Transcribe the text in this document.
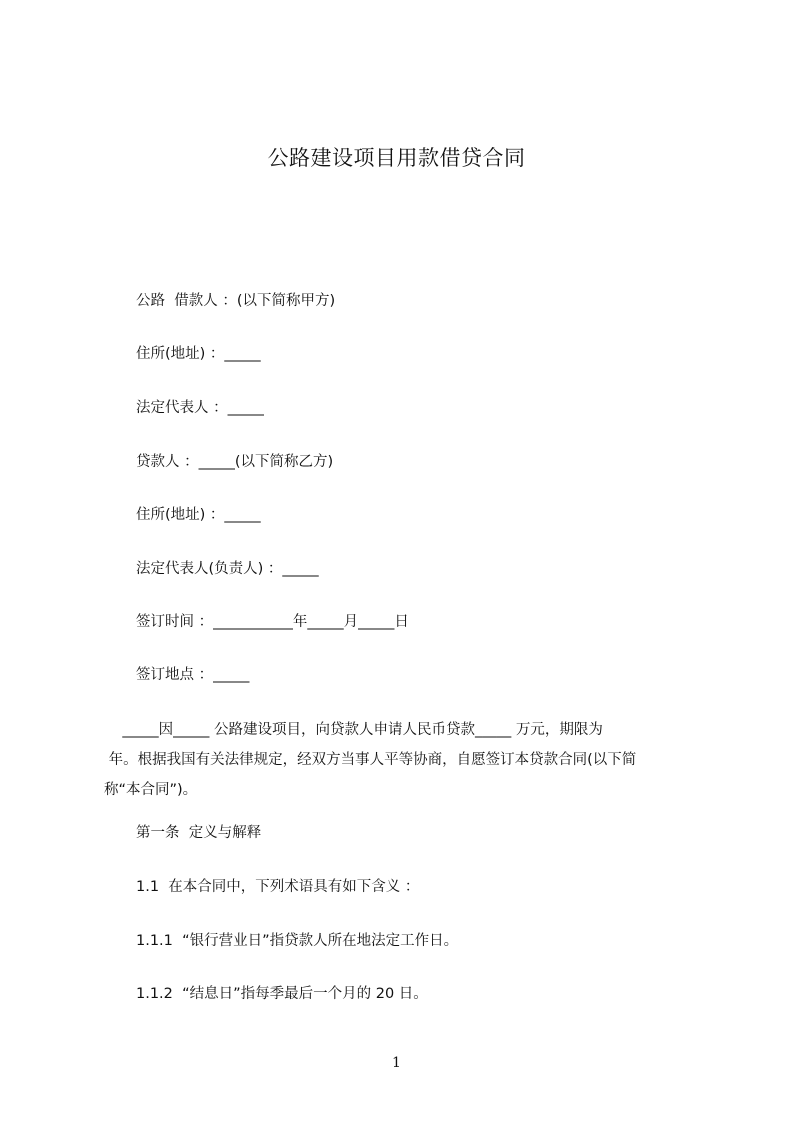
公路建设项目用款借贷合同

公路  借款人 ：(以下简称甲方)

住所(地址) ：_____

法定代表人 ：_____

贷款人 ：_____(以下简称乙方)

住所(地址) ：_____

法定代表人(负责人) ：_____

签订时间 ：___________年_____月_____日

签订地点 ：_____

_____因_____ 公路建设项目，向贷款人申请人民币贷款_____ 万元，期限为
年。根据我国有关法律规定，经双方当事人平等协商，自愿签订本贷款合同(以下简
称“本合同”)。

第一条  定义与解释

1.1  在本合同中，下列术语具有如下含义 ：

1.1.1  “银行营业日”指贷款人所在地法定工作日。

1.1.2  “结息日”指每季最后一个月的 20 日。

1
